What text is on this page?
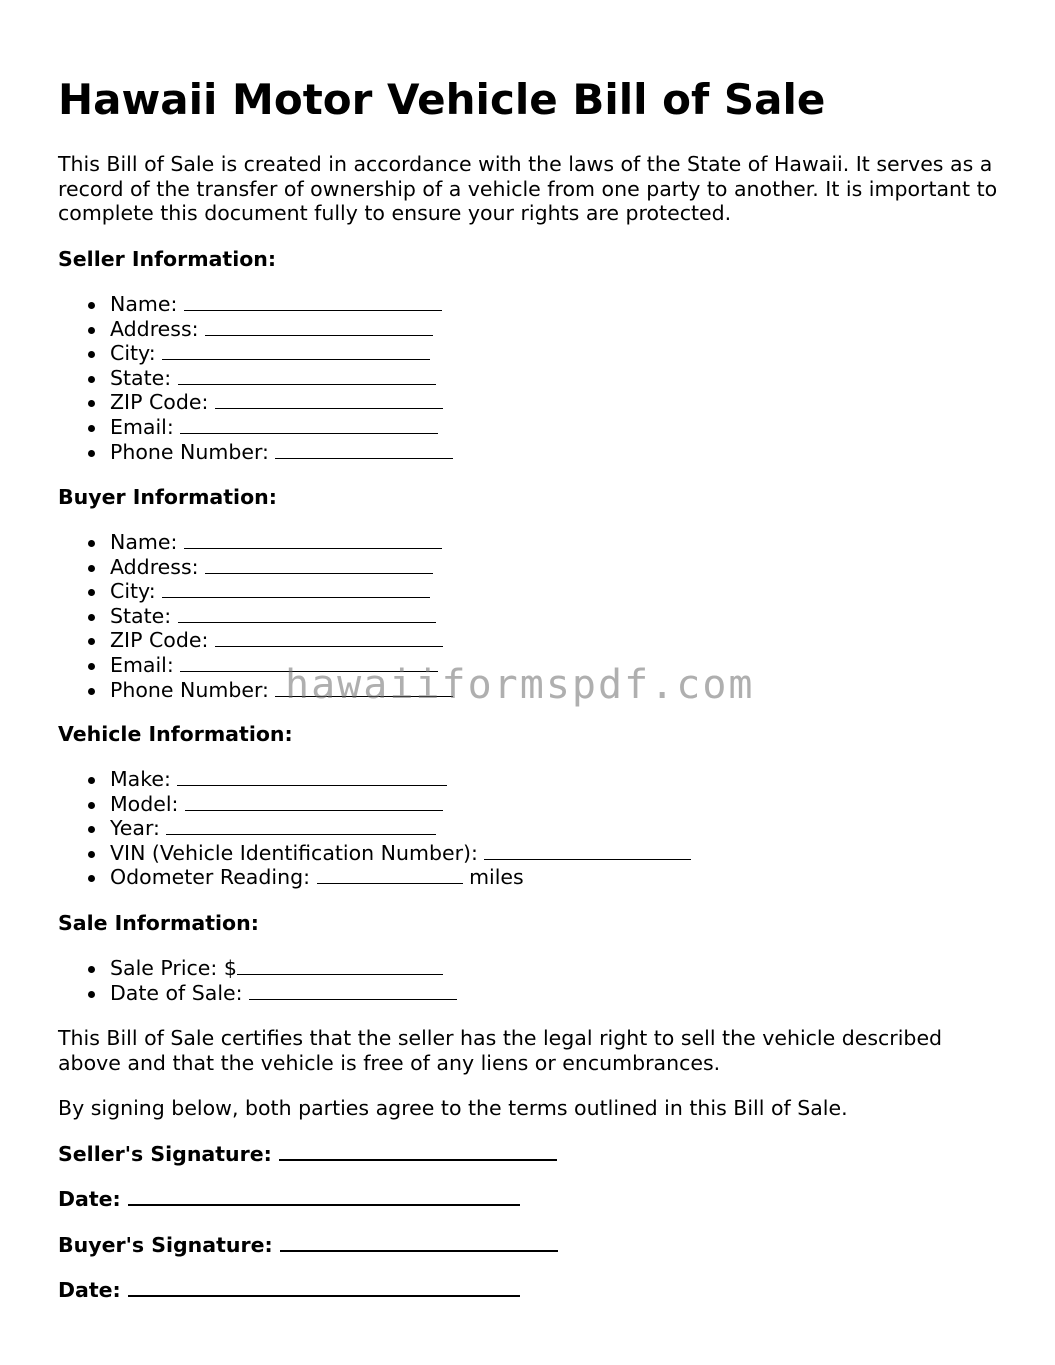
Hawaii Motor Vehicle Bill of Sale

This Bill of Sale is created in accordance with the laws of the State of Hawaii. It serves as a record of the transfer of ownership of a vehicle from one party to another. It is important to complete this document fully to ensure your rights are protected.

Seller Information:
Name:
Address:
City:
State:
ZIP Code:
Email:
Phone Number:
Buyer Information:
Name:
Address:
City:
State:
ZIP Code:
Email:
Phone Number:
Vehicle Information:
Make:
Model:
Year:
VIN (Vehicle Identification Number):
Odometer Reading:	miles
Sale Information:
Sale Price: $
Date of Sale:

This Bill of Sale certifies that the seller has the legal right to sell the vehicle described above and that the vehicle is free of any liens or encumbrances.

By signing below, both parties agree to the terms outlined in this Bill of Sale.

Seller's Signature:
Date:
Buyer's Signature:
Date:
hawaiiformspdf.com
